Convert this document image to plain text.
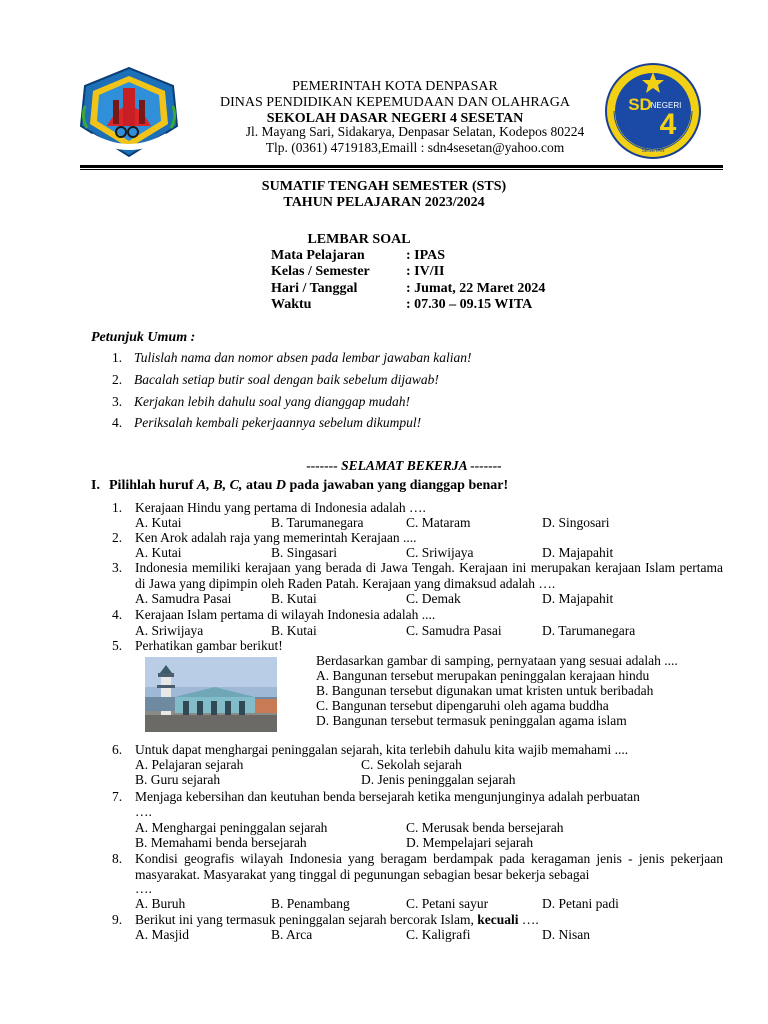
SD
NEGERI
4
SESETAN
PEMERINTAH KOTA DENPASAR
DINAS PENDIDIKAN KEPEMUDAAN DAN OLAHRAGA
SEKOLAH DASAR NEGERI 4 SESETAN
Jl. Mayang Sari, Sidakarya, Denpasar Selatan, Kodepos 80224
Tlp. (0361) 4719183,Emaill : sdn4sesetan@yahoo.com
SUMATIF TENGAH SEMESTER (STS)
TAHUN PELAJARAN 2023/2024
LEMBAR SOAL
Mata Pelajaran	: IPAS
Kelas / Semester	: IV/II
Hari / Tanggal	: Jumat, 22 Maret 2024
Waktu	: 07.30 – 09.15 WITA
Petunjuk Umum :
1. Tulislah nama dan nomor absen pada lembar jawaban kalian!
2. Bacalah setiap butir soal dengan baik sebelum dijawab!
3. Kerjakan lebih dahulu soal yang dianggap mudah!
4. Periksalah kembali pekerjaannya sebelum dikumpul!
------- SELAMAT BEKERJA -------
I. Pilihlah huruf A, B, C, atau D pada jawaban yang dianggap benar!
1. Kerajaan Hindu yang pertama di Indonesia adalah ….
A. Kutai	B. Tarumanegara	C. Mataram	D. Singosari
2. Ken Arok adalah raja yang memerintah Kerajaan ....
A. Kutai	B. Singasari	C. Sriwijaya	D. Majapahit
3. Indonesia memiliki kerajaan yang berada di Jawa Tengah. Kerajaan ini merupakan kerajaan Islam pertama di Jawa yang dipimpin oleh Raden Patah. Kerajaan yang dimaksud adalah ….
A. Samudra Pasai	B. Kutai	C. Demak	D. Majapahit
4. Kerajaan Islam pertama di wilayah Indonesia adalah ....
A. Sriwijaya	B. Kutai	C. Samudra Pasai	D. Tarumanegara
5. Perhatikan gambar berikut!
Berdasarkan gambar di samping, pernyataan yang sesuai adalah ....
A. Bangunan tersebut merupakan peninggalan kerajaan hindu
B. Bangunan tersebut digunakan umat kristen untuk beribadah
C. Bangunan tersebut dipengaruhi oleh agama buddha
D. Bangunan tersebut termasuk peninggalan agama islam
6. Untuk dapat menghargai peninggalan sejarah, kita terlebih dahulu kita wajib memahami ....
A. Pelajaran sejarah	C. Sekolah sejarah
B. Guru sejarah	D. Jenis peninggalan sejarah
7. Menjaga kebersihan dan keutuhan benda bersejarah ketika mengunjunginya adalah perbuatan
….
A. Menghargai peninggalan sejarah	C. Merusak benda bersejarah
B. Memahami benda bersejarah	D. Mempelajari sejarah
8. Kondisi geografis wilayah Indonesia yang beragam berdampak pada keragaman jenis - jenis pekerjaan masyarakat. Masyarakat yang tinggal di pegunungan sebagian besar bekerja sebagai
….
A. Buruh	B. Penambang	C. Petani sayur	D. Petani padi
9. Berikut ini yang termasuk peninggalan sejarah bercorak Islam, kecuali ….
A. Masjid	B. Arca	C. Kaligrafi	D. Nisan
